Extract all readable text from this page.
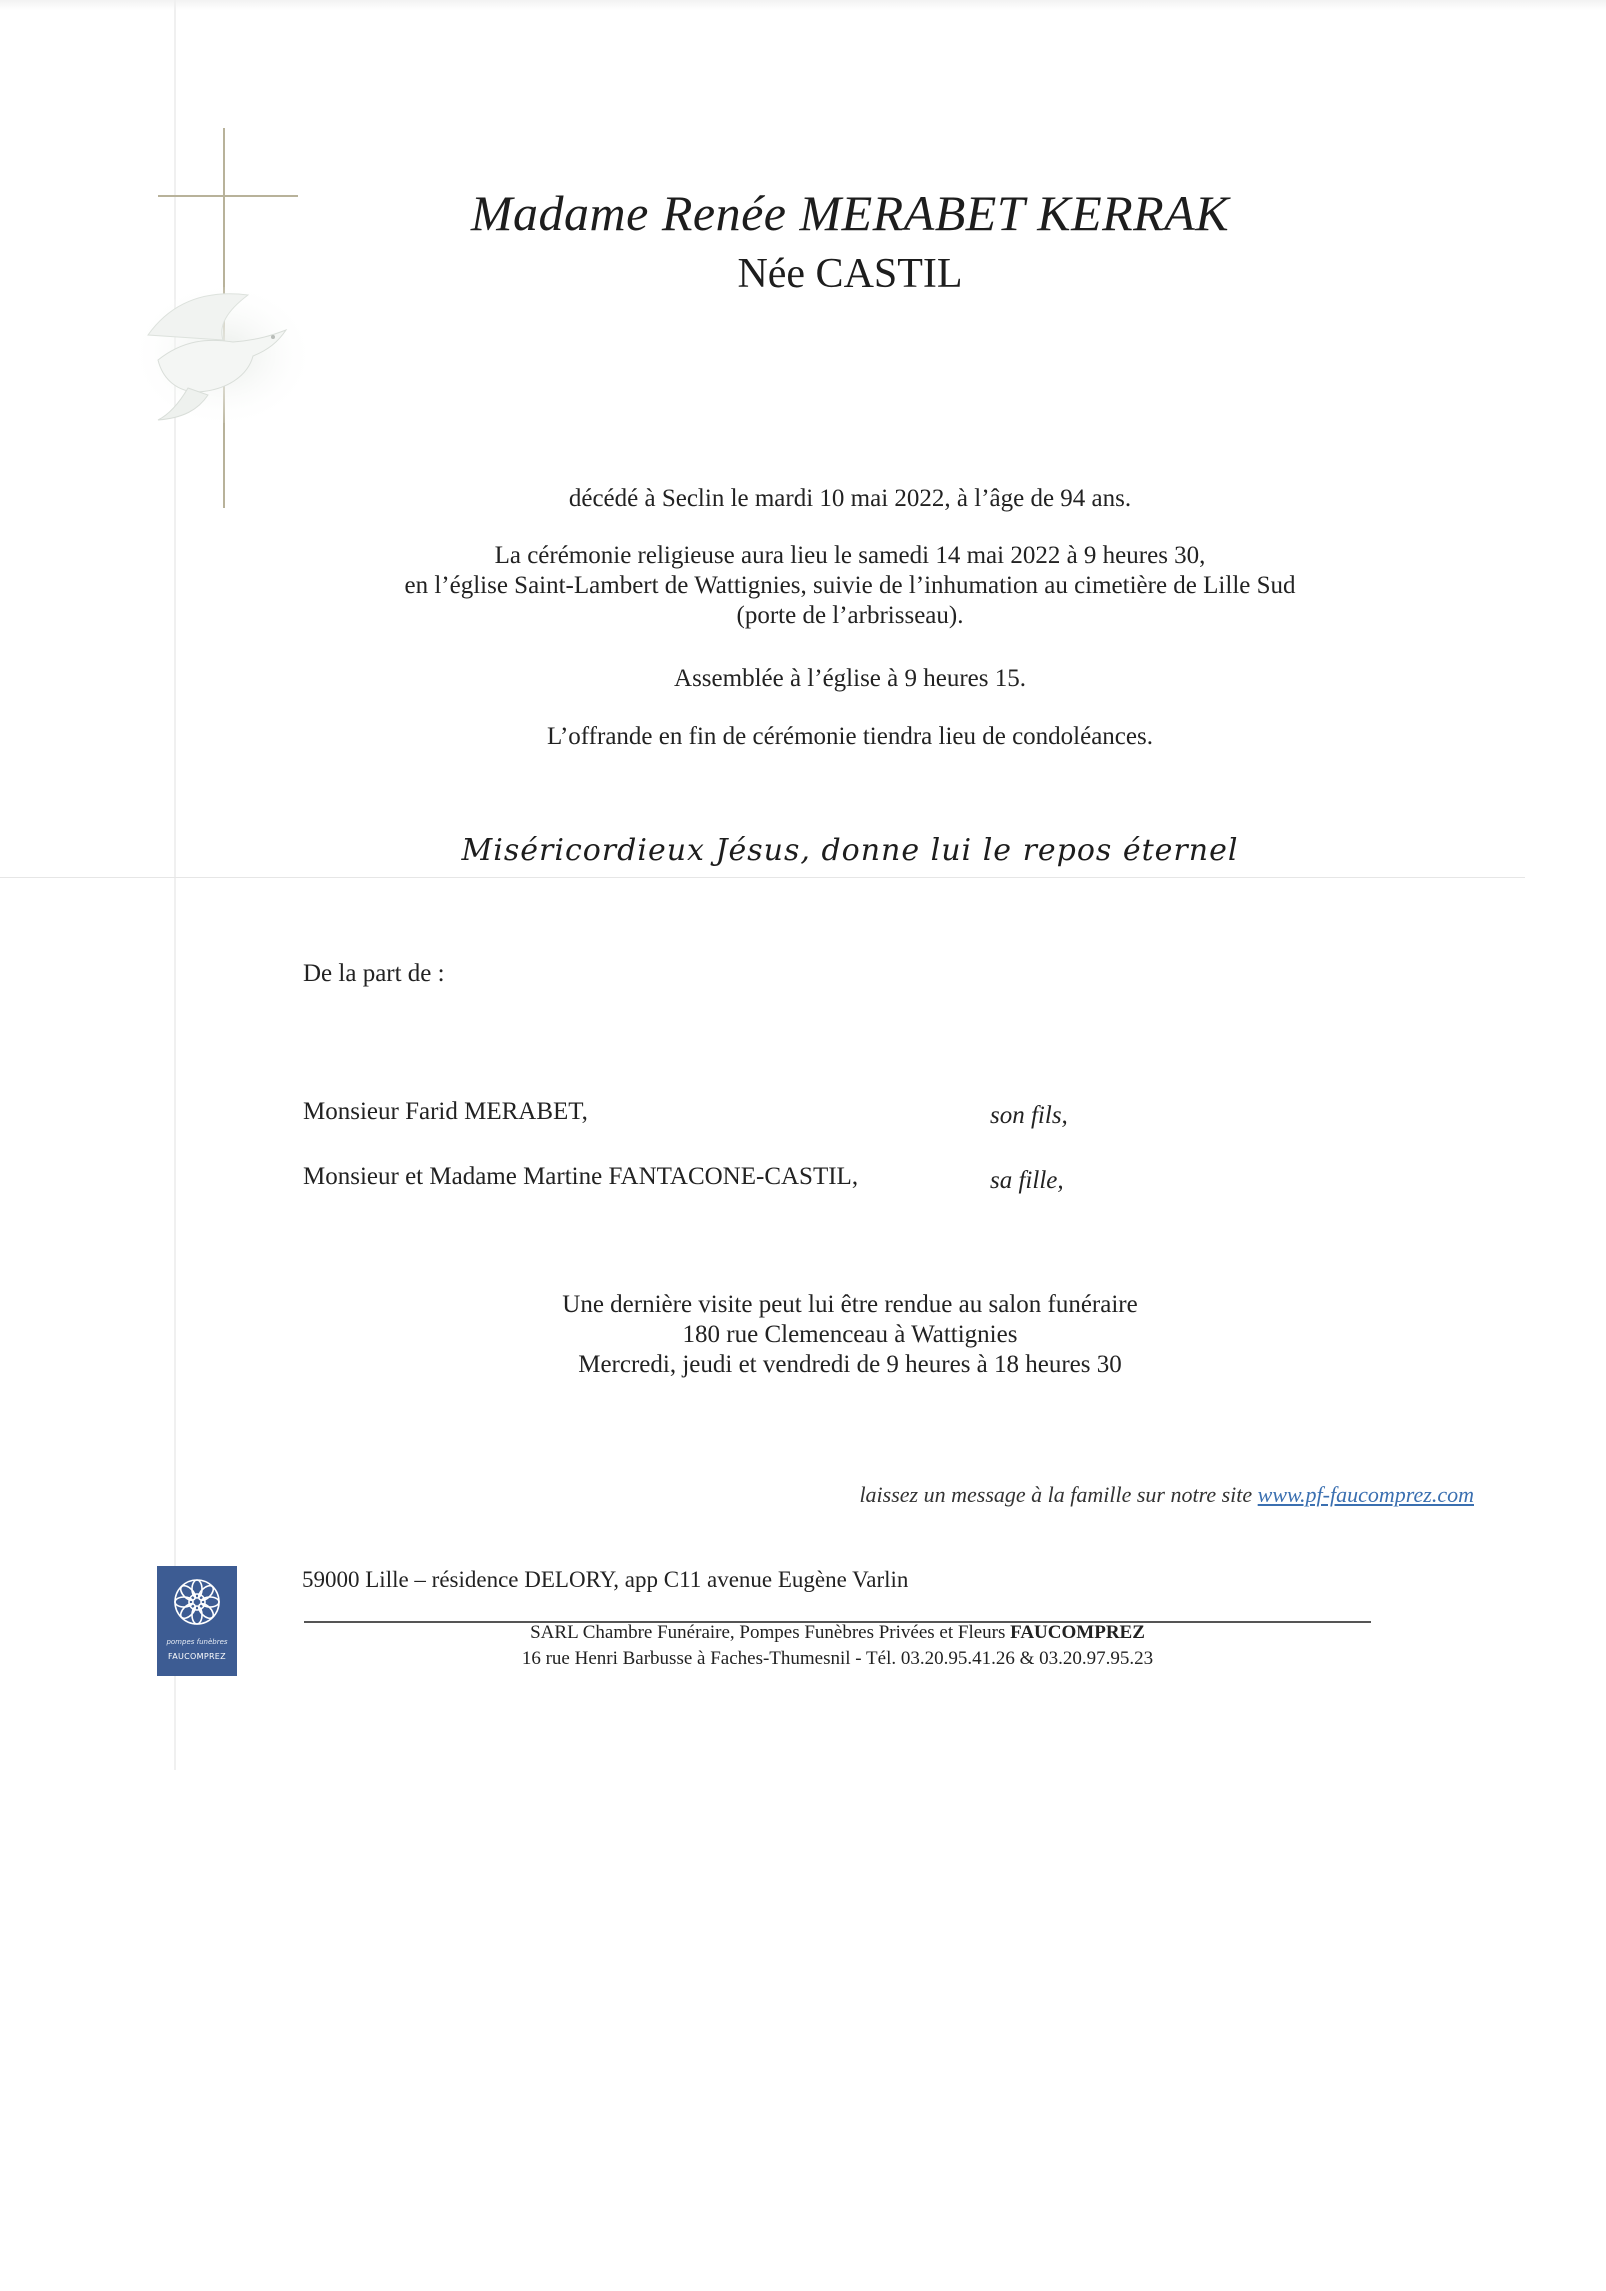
Madame Renée MERABET KERRAK
Née CASTIL
décédé à Seclin le mardi 10 mai 2022, à l’âge de 94 ans.
La cérémonie religieuse aura lieu le samedi 14 mai 2022 à 9 heures 30,
en l’église Saint-Lambert de Wattignies, suivie de l’inhumation au cimetière de Lille Sud
(porte de l’arbrisseau).
Assemblée à l’église à 9 heures 15.
L’offrande en fin de cérémonie tiendra lieu de condoléances.
Miséricordieux Jésus, donne lui le repos éternel
De la part de :
Monsieur Farid MERABET,	son fils,
Monsieur et Madame Martine FANTACONE-CASTIL,	sa fille,
Une dernière visite peut lui être rendue au salon funéraire
180 rue Clemenceau à Wattignies
Mercredi, jeudi et vendredi de 9 heures à 18 heures 30
laissez un message à la famille sur notre site www.pf-faucomprez.com
pompes funèbres
FAUCOMPREZ
59000 Lille – résidence DELORY, app C11 avenue Eugène Varlin
SARL Chambre Funéraire, Pompes Funèbres Privées et Fleurs FAUCOMPREZ
16 rue Henri Barbusse à Faches-Thumesnil - Tél. 03.20.95.41.26 & 03.20.97.95.23
